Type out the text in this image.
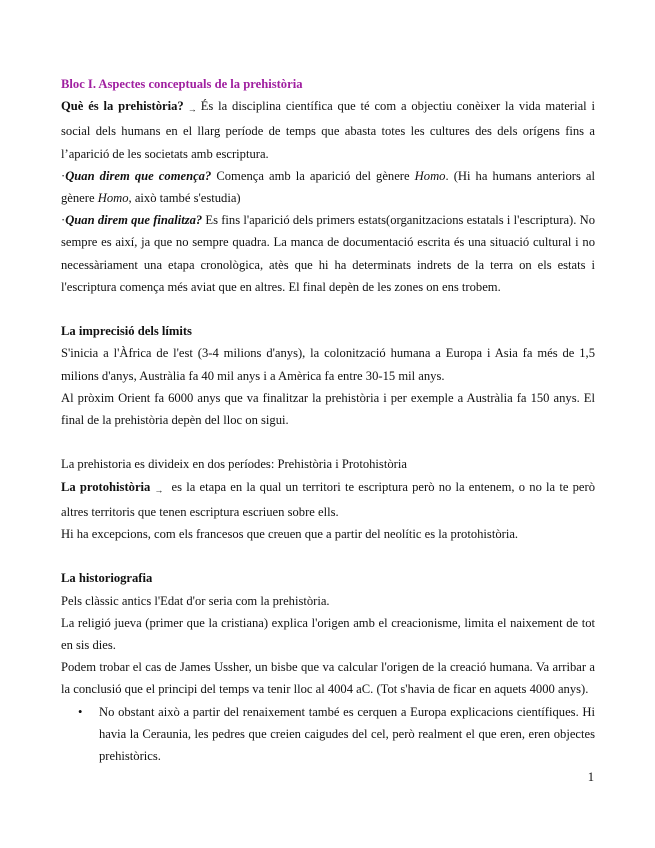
Bloc I. Aspectes conceptuals de la prehistòria

Què és la prehistòria? → És la disciplina científica que té com a objectiu conèixer la vida material i social dels humans en el llarg període de temps que abasta totes les cultures des dels orígens fins a l’aparició de les societats amb escriptura.

·Quan direm que comença? Comença amb la aparició del gènere Homo. (Hi ha humans anteriors al gènere Homo, això també s'estudia)

·Quan direm que finalitza? Es fins l'aparició dels primers estats(organitzacions estatals i l'escriptura). No sempre es així, ja que no sempre quadra. La manca de documentació escrita és una situació cultural i no necessàriament una etapa cronològica, atès que hi ha determinats indrets de la terra on els estats i l'escriptura comença més aviat que en altres. El final depèn de les zones on ens trobem.

La imprecisió dels límits

S'inicia a l'Àfrica de l'est (3-4 milions d'anys), la colonització humana a Europa i Asia fa més de 1,5 milions d'anys, Austràlia fa 40 mil anys i a Amèrica fa entre 30-15 mil anys.

Al pròxim Orient fa 6000 anys que va finalitzar la prehistòria i per exemple a Austràlia fa 150 anys. El final de la prehistòria depèn del lloc on sigui.

La prehistoria es divideix en dos períodes: Prehistòria i Protohistòria

La protohistòria → es la etapa en la qual un territori te escriptura però no la entenem, o no la te però altres territoris que tenen escriptura escriuen sobre ells.

Hi ha excepcions, com els francesos que creuen que a partir del neolític es la protohistòria.

La historiografia

Pels clàssic antics l'Edat d'or seria com la prehistòria.

La religió jueva (primer que la cristiana) explica l'origen amb el creacionisme, limita el naixement de tot en sis dies.

Podem trobar el cas de James Ussher, un bisbe que va calcular l'origen de la creació humana. Va arribar a la conclusió que el principi del temps va tenir lloc al 4004 aC. (Tot s'havia de ficar en aquets 4000 anys).

• No obstant això a partir del renaixement també es cerquen a Europa explicacions científiques. Hi havia la Ceraunia, les pedres que creien caigudes del cel, però realment el que eren, eren objectes prehistòrics.
1
